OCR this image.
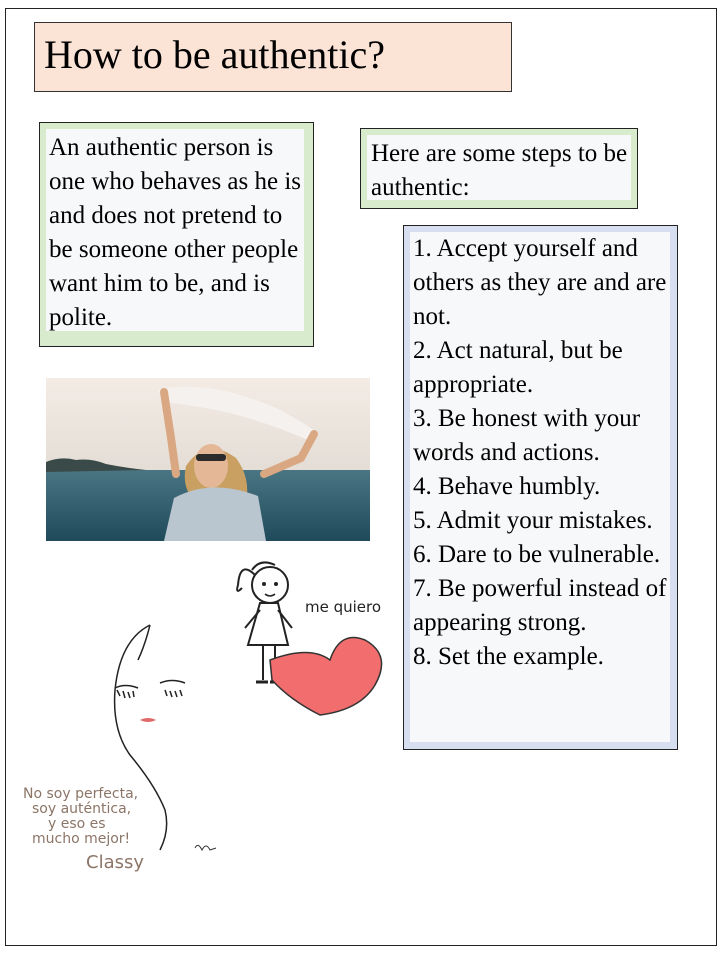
How to be authentic?
An authentic person is one who behaves as he is and does not pretend to be someone other people want him to be, and is polite.
Here are some steps to be authentic:
1. Accept yourself and others as they are and are not.
2. Act natural, but be appropriate.
3. Be honest with your words and actions.
4. Behave humbly.
5. Admit your mistakes.
6. Dare to be vulnerable.
7. Be powerful instead of appearing strong.
8. Set the example.
me quiero
No soy perfecta,
soy auténtica,
y eso es
mucho mejor!
Classy
